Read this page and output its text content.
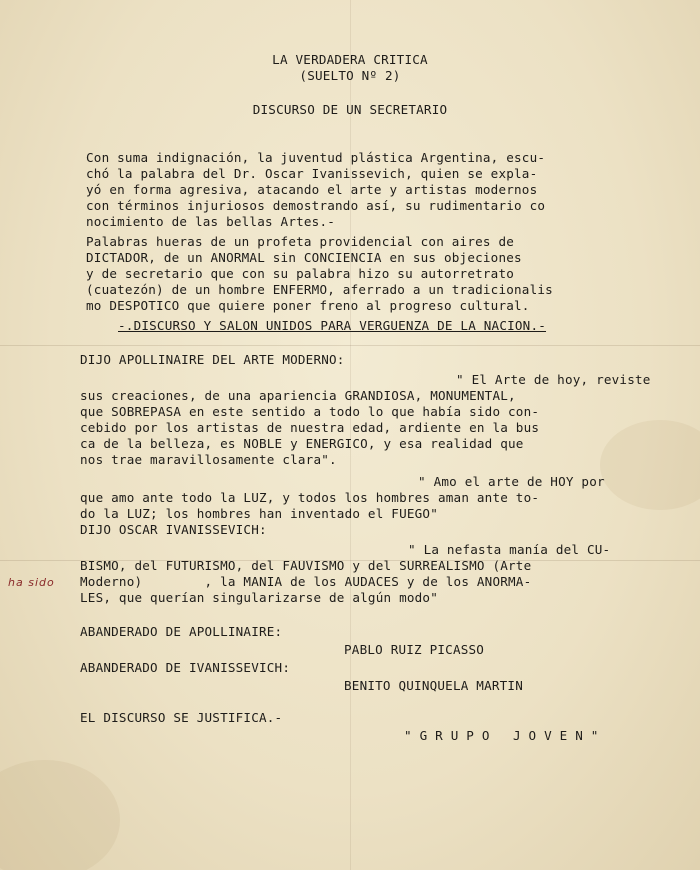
LA VERDADERA CRITICA
(SUELTO Nº 2)
DISCURSO DE UN SECRETARIO
Con suma indignación, la juventud plástica Argentina, escu-
chó la palabra del Dr. Oscar Ivanissevich, quien se expla-
yó en forma agresiva, atacando el arte y artistas modernos
con términos injuriosos demostrando así, su rudimentario co
nocimiento de las bellas Artes.-
Palabras hueras de un profeta providencial con aires de
DICTADOR, de un ANORMAL sin CONCIENCIA en sus objeciones
y de secretario que con su palabra hizo su autorretrato
(cuatezón) de un hombre ENFERMO, aferrado a un tradicionalis
mo DESPOTICO que quiere poner freno al progreso cultural.
-.DISCURSO Y SALON UNIDOS PARA VERGUENZA DE LA NACION.-
DIJO APOLLINAIRE DEL ARTE MODERNO:
" El Arte de hoy, reviste
sus creaciones, de una apariencia GRANDIOSA, MONUMENTAL,
que SOBREPASA en este sentido a todo lo que había sido con-
cebido por los artistas de nuestra edad, ardiente en la bus
ca de la belleza, es NOBLE y ENERGICO, y esa realidad que
nos trae maravillosamente clara".
" Amo el arte de HOY por
que amo ante todo la LUZ, y todos los hombres aman ante to-
do la LUZ; los hombres han inventado el FUEGO"
DIJO OSCAR IVANISSEVICH:
" La nefasta manía del CU-
BISMO, del FUTURISMO, del FAUVISMO y del SURREALISMO (Arte
Moderno)        , la MANIA de los AUDACES y de los ANORMA-
LES, que querían singularizarse de algún modo"
ha sido
ABANDERADO DE APOLLINAIRE:
PABLO RUIZ PICASSO
ABANDERADO DE IVANISSEVICH:
BENITO QUINQUELA MARTIN
EL DISCURSO SE JUSTIFICA.-
" G R U P O   J O V E N "
